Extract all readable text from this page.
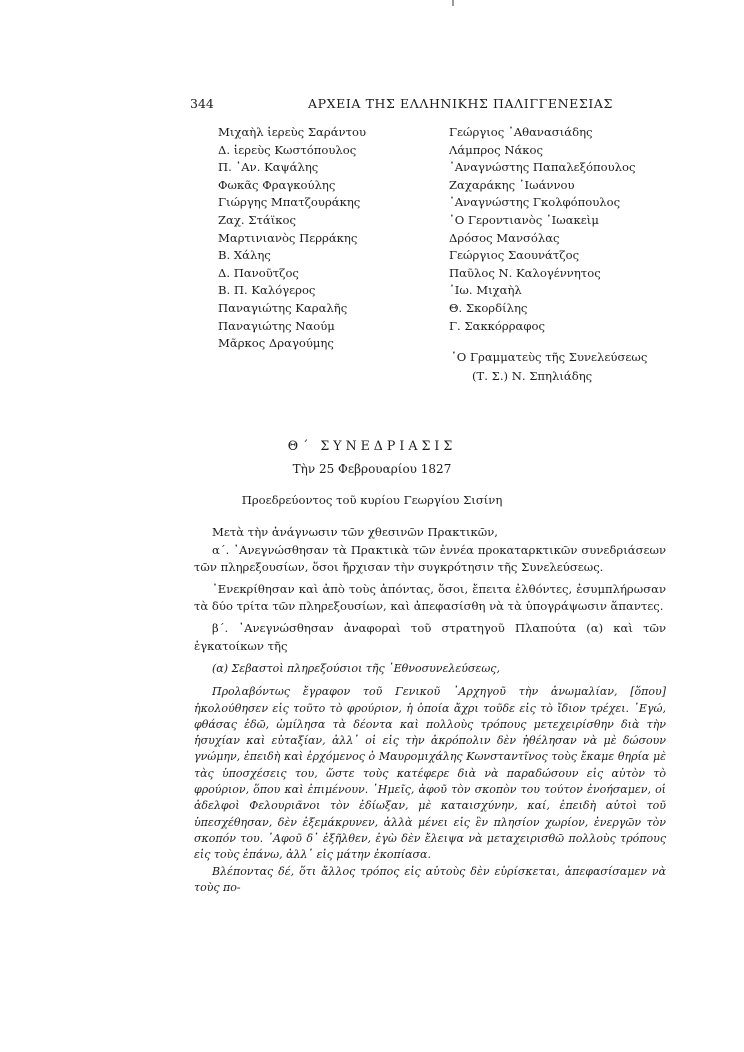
344	ΑΡΧΕΙΑ ΤΗΣ ΕΛΛΗΝΙΚΗΣ ΠΑΛΙΓΓΕΝΕΣΙΑΣ
Μιχαὴλ ἱερεὺς Σαράντου
Δ. ἱερεὺς Κωστόπουλος
Π. ᾽Αν. Καψάλης
Φωκᾶς Φραγκούλης
Γιώργης Μπατζουράκης
Ζαχ. Στάϊκος
Μαρτινιανὸς Περράκης
Β. Χάλης
Δ. Πανοῦτζος
Β. Π. Καλόγερος
Παναγιώτης Καραλῆς
Παναγιώτης Ναούμ
Μᾶρκος Δραγούμης
Γεώργιος ᾽Αθανασιάδης
Λάμπρος Νάκος
᾽Αναγνώστης Παπαλεξόπουλος
Ζαχαράκης ᾽Ιωάννου
᾽Αναγνώστης Γκολφόπουλος
῾Ο Γεροντιανὸς ᾽Ιωακεὶμ
Δρόσος Μανσόλας
Γεώργιος Σαουνάτζος
Παῦλος Ν. Καλογέννητος
᾽Ιω. Μιχαὴλ
Θ. Σκορδίλης
Γ. Σακκόρραφος
῾Ο Γραμματεὺς τῆς Συνελεύσεως
(Τ. Σ.) Ν. Σπηλιάδης
Θ΄ ΣΥΝΕΔΡΙΑΣΙΣ
Τὴν 25 Φεβρουαρίου 1827
Προεδρεύοντος τοῦ κυρίου Γεωργίου Σισίνη

Μετὰ τὴν ἀνάγνωσιν τῶν χθεσινῶν Πρακτικῶν,

α΄. ᾽Ανεγνώσθησαν τὰ Πρακτικὰ τῶν ἐννέα προκαταρκτικῶν συνεδριάσεων τῶν πληρεξουσίων, ὅσοι ἤρχισαν τὴν συγκρότησιν τῆς Συνελεύσεως.

᾽Ενεκρίθησαν καὶ ἀπὸ τοὺς ἀπόντας, ὅσοι, ἔπειτα ἐλθόντες, ἐσυμπλήρωσαν τὰ δύο τρίτα τῶν πληρεξουσίων, καὶ ἀπεφασίσθη νὰ τὰ ὑπογράψωσιν ἅπαντες.

β΄. ᾽Ανεγνώσθησαν ἀναφοραὶ τοῦ στρατηγοῦ Πλαπούτα (α) καὶ τῶν ἐγκατοίκων τῆς

(α) Σεβαστοὶ πληρεξούσιοι τῆς ᾽Εθνοσυνελεύσεως,

Προλαβόντως ἔγραφον τοῦ Γενικοῦ ᾽Αρχηγοῦ τὴν ἀνωμαλίαν, [ὅπου] ἠκολούθησεν εἰς τοῦτο τὸ φρούριον, ἡ ὁποία ἄχρι τοῦδε εἰς τὸ ἴδιον τρέχει. ᾽Εγώ, φθάσας ἐδῶ, ὡμίλησα τὰ δέοντα καὶ πολλοὺς τρόπους μετεχειρίσθην διὰ τὴν ἡσυχίαν καὶ εὐταξίαν, ἀλλ᾽ οἱ εἰς τὴν ἀκρόπολιν δὲν ἠθέλησαν νὰ μὲ δώσουν γνώμην, ἐπειδὴ καὶ ἐρχόμενος ὁ Μαυρομιχάλης Κωνσταντῖνος τοὺς ἔκαμε θηρία μὲ τὰς ὑποσχέσεις του, ὥστε τοὺς κατέφερε διὰ νὰ παραδώσουν εἰς αὐτὸν τὸ φρούριον, ὅπου καὶ ἐπιμένουν. ῾Ημεῖς, ἀφοῦ τὸν σκοπὸν του τούτον ἐνοήσαμεν, οἱ ἀδελφοὶ Φελουριᾶνοι τὸν ἐδίωξαν, μὲ καταισχύνην, καί, ἐπειδὴ αὐτοὶ τοῦ ὑπεσχέθησαν, δὲν ἐξεμάκρυνεν, ἀλλὰ μένει εἰς ἓν πλησίον χωρίον, ἐνεργῶν τὸν σκοπόν του. ᾽Αφοῦ δ᾽ ἐξῆλθεν, ἐγὼ δὲν ἔλειψα νὰ μεταχειρισθῶ πολλοὺς τρόπους εἰς τοὺς ἐπάνω, ἀλλ᾽ εἰς μάτην ἐκοπίασα.

Βλέποντας δέ, ὅτι ἄλλος τρόπος εἰς αὐτοὺς δὲν εὑρίσκεται, ἀπεφασίσαμεν νὰ τοὺς πο-
